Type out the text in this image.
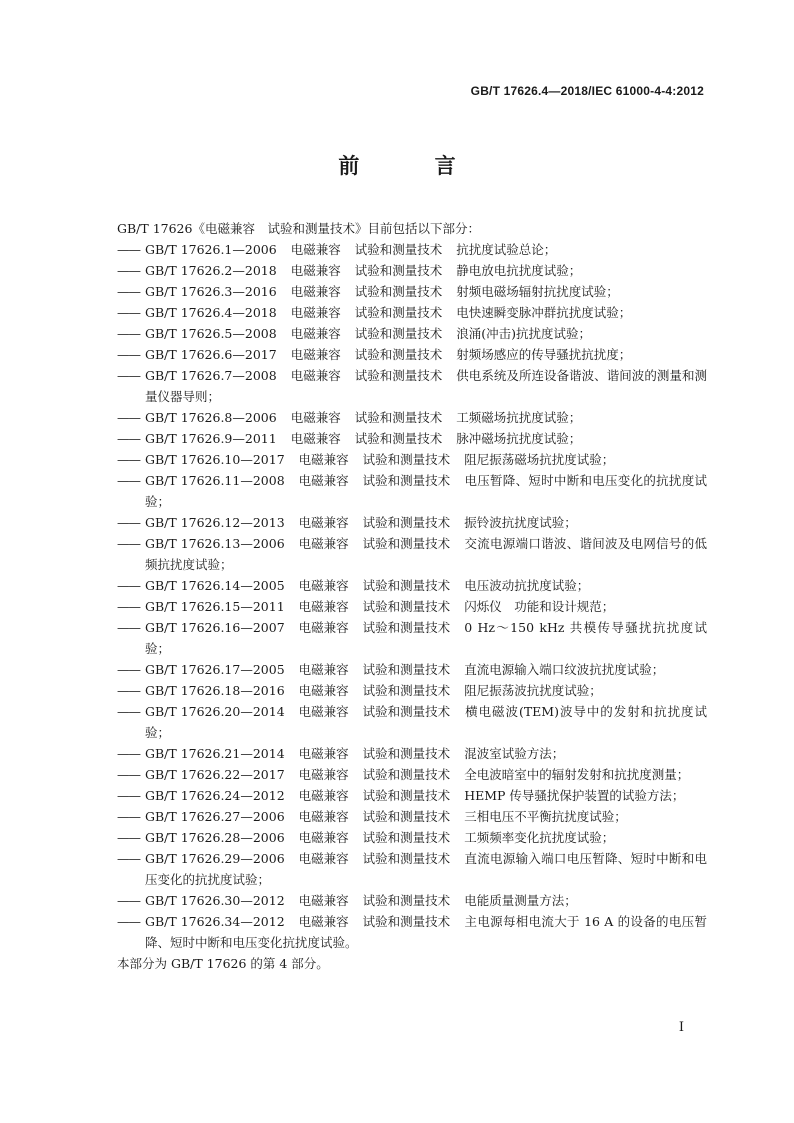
GB/T 17626.4—2018/IEC 61000-4-4:2012
前 言
GB/T 17626《电磁兼容　试验和测量技术》目前包括以下部分：
—— GB/T 17626.1—2006 电磁兼容 试验和测量技术 抗扰度试验总论；
—— GB/T 17626.2—2018 电磁兼容 试验和测量技术 静电放电抗扰度试验；
—— GB/T 17626.3—2016 电磁兼容 试验和测量技术 射频电磁场辐射抗扰度试验；
—— GB/T 17626.4—2018 电磁兼容 试验和测量技术 电快速瞬变脉冲群抗扰度试验；
—— GB/T 17626.5—2008 电磁兼容 试验和测量技术 浪涌(冲击)抗扰度试验；
—— GB/T 17626.6—2017 电磁兼容 试验和测量技术 射频场感应的传导骚扰抗扰度；
—— GB/T 17626.7—2008 电磁兼容 试验和测量技术 供电系统及所连设备谐波、谐间波的测量和测量仪器导则；
—— GB/T 17626.8—2006 电磁兼容 试验和测量技术 工频磁场抗扰度试验；
—— GB/T 17626.9—2011 电磁兼容 试验和测量技术 脉冲磁场抗扰度试验；
—— GB/T 17626.10—2017 电磁兼容 试验和测量技术 阻尼振荡磁场抗扰度试验；
—— GB/T 17626.11—2008 电磁兼容 试验和测量技术 电压暂降、短时中断和电压变化的抗扰度试验；
—— GB/T 17626.12—2013 电磁兼容 试验和测量技术 振铃波抗扰度试验；
—— GB/T 17626.13—2006 电磁兼容 试验和测量技术 交流电源端口谐波、谐间波及电网信号的低频抗扰度试验；
—— GB/T 17626.14—2005 电磁兼容 试验和测量技术 电压波动抗扰度试验；
—— GB/T 17626.15—2011 电磁兼容 试验和测量技术 闪烁仪　功能和设计规范；
—— GB/T 17626.16—2007 电磁兼容 试验和测量技术 0 Hz～150 kHz 共模传导骚扰抗扰度试验；
—— GB/T 17626.17—2005 电磁兼容 试验和测量技术 直流电源输入端口纹波抗扰度试验；
—— GB/T 17626.18—2016 电磁兼容 试验和测量技术 阻尼振荡波抗扰度试验；
—— GB/T 17626.20—2014 电磁兼容 试验和测量技术 横电磁波(TEM)波导中的发射和抗扰度试验；
—— GB/T 17626.21—2014 电磁兼容 试验和测量技术 混波室试验方法；
—— GB/T 17626.22—2017 电磁兼容 试验和测量技术 全电波暗室中的辐射发射和抗扰度测量；
—— GB/T 17626.24—2012 电磁兼容 试验和测量技术 HEMP 传导骚扰保护装置的试验方法；
—— GB/T 17626.27—2006 电磁兼容 试验和测量技术 三相电压不平衡抗扰度试验；
—— GB/T 17626.28—2006 电磁兼容 试验和测量技术 工频频率变化抗扰度试验；
—— GB/T 17626.29—2006 电磁兼容 试验和测量技术 直流电源输入端口电压暂降、短时中断和电压变化的抗扰度试验；
—— GB/T 17626.30—2012 电磁兼容 试验和测量技术 电能质量测量方法；
—— GB/T 17626.34—2012 电磁兼容 试验和测量技术 主电源每相电流大于 16 A 的设备的电压暂降、短时中断和电压变化抗扰度试验。
本部分为 GB/T 17626 的第 4 部分。
I
